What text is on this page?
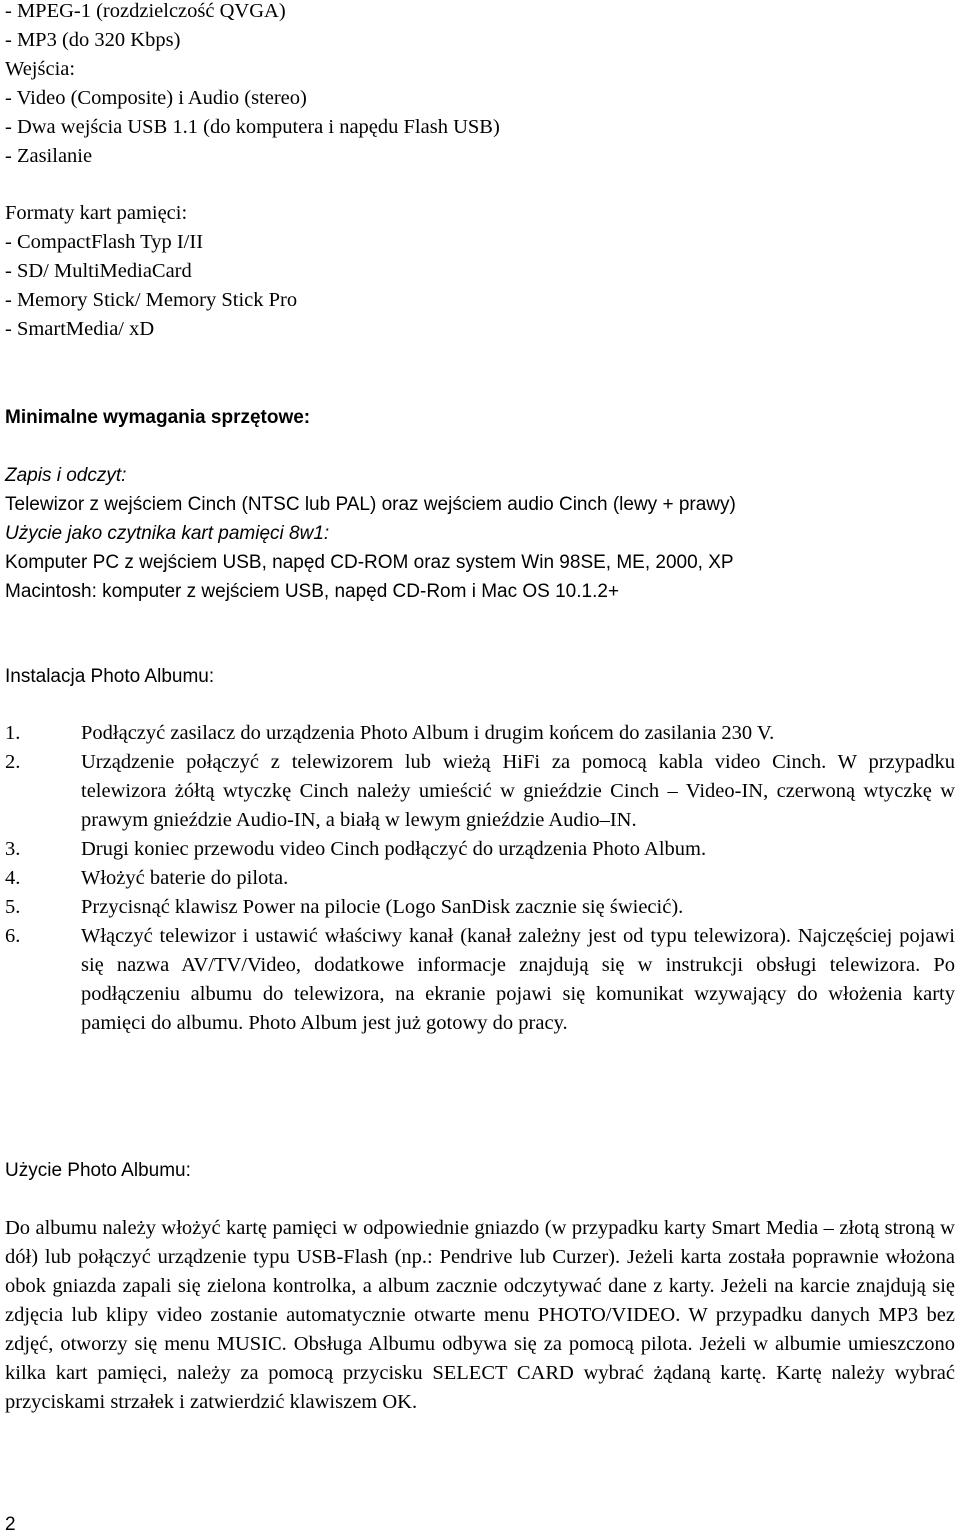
- MPEG-1 (rozdzielczość QVGA)
- MP3 (do 320 Kbps)
Wejścia:
- Video (Composite) i Audio (stereo)
- Dwa wejścia USB 1.1 (do komputera i napędu Flash USB)
- Zasilanie
Formaty kart pamięci:
- CompactFlash Typ I/II
- SD/ MultiMediaCard
- Memory Stick/ Memory Stick Pro
- SmartMedia/ xD
Minimalne wymagania sprzętowe:
Zapis i odczyt:
Telewizor z wejściem Cinch (NTSC lub PAL) oraz wejściem audio Cinch (lewy + prawy)
Użycie jako czytnika kart pamięci 8w1:
Komputer PC z wejściem USB, napęd CD-ROM oraz system Win 98SE, ME, 2000, XP
Macintosh: komputer z wejściem USB, napęd CD-Rom i Mac OS 10.1.2+
Instalacja Photo Albumu:
1.	Podłączyć zasilacz do urządzenia Photo Album i drugim końcem do zasilania 230 V.
2.	Urządzenie połączyć z telewizorem lub wieżą HiFi za pomocą kabla video Cinch. W przypadku telewizora żółtą wtyczkę Cinch należy umieścić w gnieździe Cinch – Video-IN, czerwoną wtyczkę w prawym gnieździe Audio-IN, a białą w lewym gnieździe Audio–IN.
3.	Drugi koniec przewodu video Cinch podłączyć do urządzenia Photo Album.
4.	Włożyć baterie do pilota.
5.	Przycisnąć klawisz Power na pilocie (Logo SanDisk zacznie się świecić).
6.	Włączyć telewizor i ustawić właściwy kanał (kanał zależny jest od typu telewizora). Najczęściej pojawi się nazwa AV/TV/Video, dodatkowe informacje znajdują się w instrukcji obsługi telewizora. Po podłączeniu albumu do telewizora, na ekranie pojawi się komunikat wzywający do włożenia karty pamięci do albumu. Photo Album jest już gotowy do pracy.
Użycie Photo Albumu:

Do albumu należy włożyć kartę pamięci w odpowiednie gniazdo (w przypadku karty Smart Media – złotą stroną w dół) lub połączyć urządzenie typu USB-Flash (np.: Pendrive lub Curzer). Jeżeli karta została poprawnie włożona obok gniazda zapali się zielona kontrolka, a album zacznie odczytywać dane z karty. Jeżeli na karcie znajdują się zdjęcia lub klipy video zostanie automatycznie otwarte menu PHOTO/VIDEO. W przypadku danych MP3 bez zdjęć, otworzy się menu MUSIC. Obsługa Albumu odbywa się za pomocą pilota. Jeżeli w albumie umieszczono kilka kart pamięci, należy za pomocą przycisku SELECT CARD wybrać żądaną kartę. Kartę należy wybrać przyciskami strzałek i zatwierdzić klawiszem OK.

2
